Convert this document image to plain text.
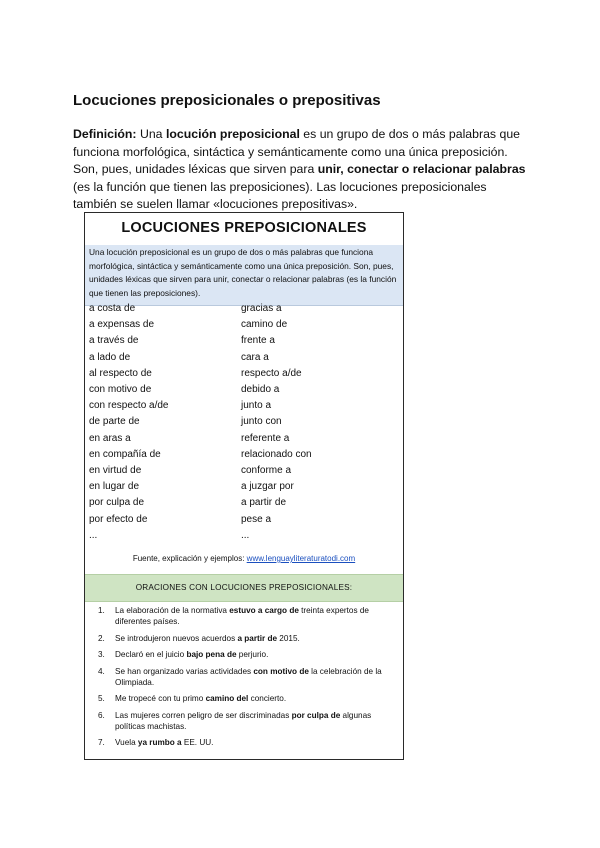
Locuciones preposicionales o prepositivas
Definición: Una locución preposicional es un grupo de dos o más palabras que funciona morfológica, sintáctica y semánticamente como una única preposición. Son, pues, unidades léxicas que sirven para unir, conectar o relacionar palabras (es la función que tienen las preposiciones). Las locuciones preposicionales también se suelen llamar «locuciones prepositivas».
LOCUCIONES PREPOSICIONALES
Una locución preposicional es un grupo de dos o más palabras que funciona morfológica, sintáctica y semánticamente como una única preposición. Son, pues, unidades léxicas que sirven para unir, conectar o relacionar palabras (es la función que tienen las preposiciones).
a costa de
a expensas de
a través de
a lado de
al respecto de
con motivo de
con respecto a/de
de parte de
en aras a
en compañía de
en virtud de
en lugar de
por culpa de
por efecto de
...
gracias a
camino de
frente a
cara a
respecto a/de
debido a
junto a
junto con
referente a
relacionado con
conforme a
a juzgar por
a partir de
pese a
...
Fuente, explicación y ejemplos: www.lenguayliteraturatodi.com
ORACIONES CON LOCUCIONES PREPOSICIONALES:
1. La elaboración de la normativa estuvo a cargo de treinta expertos de diferentes países.
2. Se introdujeron nuevos acuerdos a partir de 2015.
3. Declaró en el juicio bajo pena de perjurio.
4. Se han organizado varias actividades con motivo de la celebración de la Olimpiada.
5. Me tropecé con tu primo camino del concierto.
6. Las mujeres corren peligro de ser discriminadas por culpa de algunas políticas machistas.
7. Vuela ya rumbo a EE. UU.
